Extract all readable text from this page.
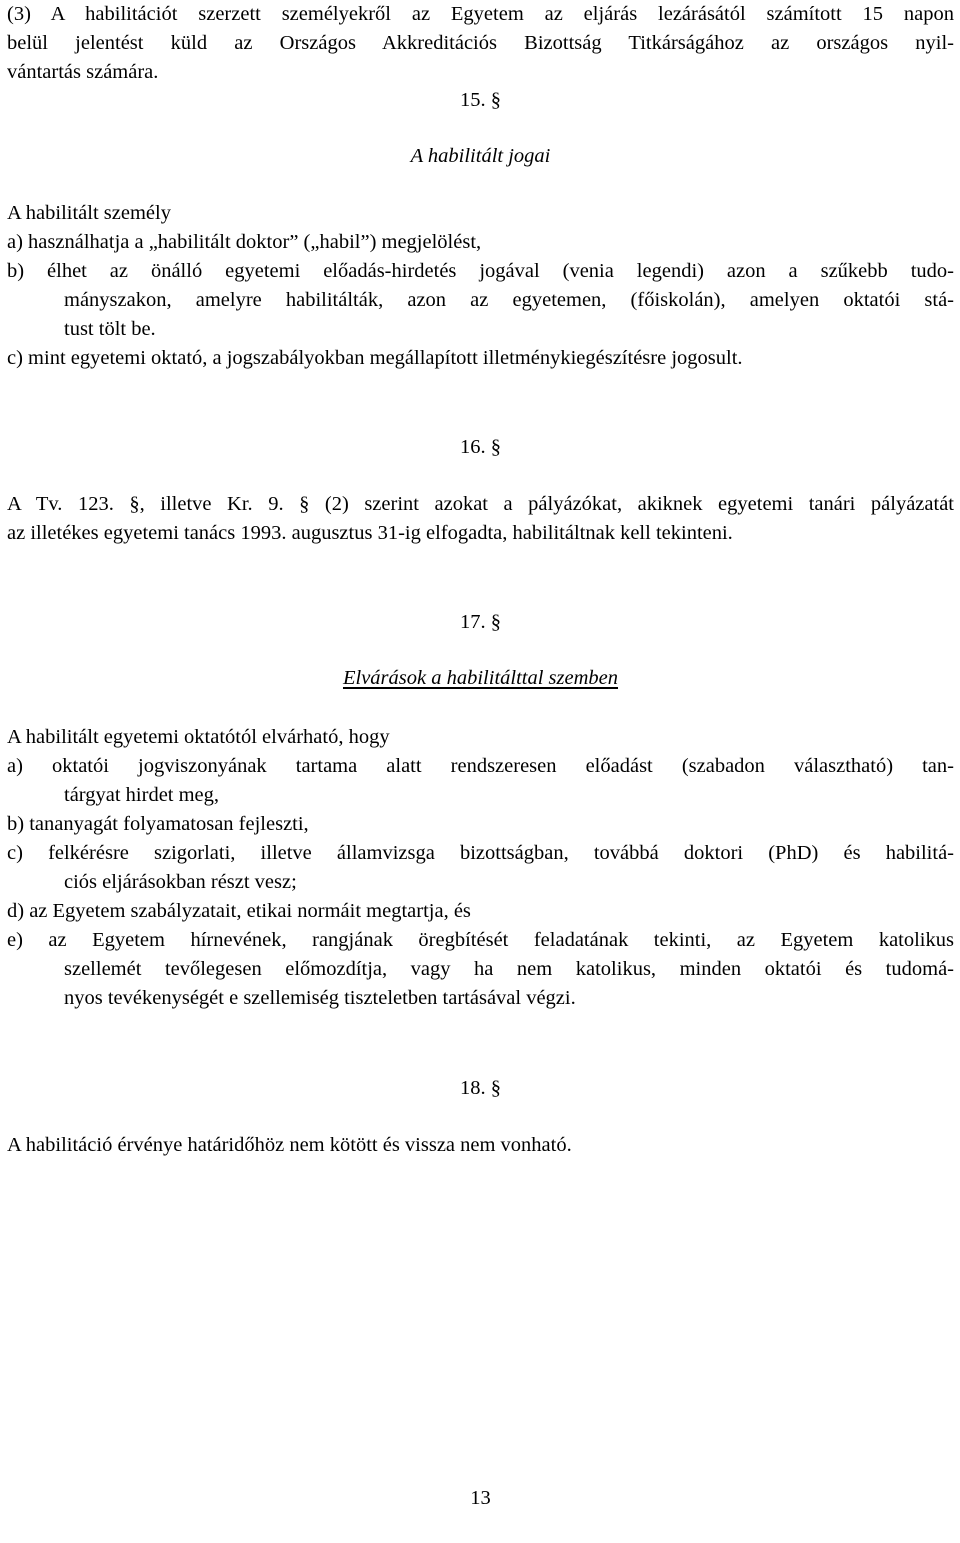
(3) A habilitációt szerzett személyekről az Egyetem az eljárás lezárásától számított 15 napon
belül jelentést küld az Országos Akkreditációs Bizottság Titkárságához az országos nyil-
vántartás számára.
15. §
A habilitált jogai
A habilitált személy
a) használhatja a „habilitált doktor” („habil”) megjelölést,
b) élhet az önálló egyetemi előadás-hirdetés jogával (venia legendi) azon a szűkebb tudo-
mányszakon, amelyre habilitálták, azon az egyetemen, (főiskolán), amelyen oktatói stá-
tust tölt be.
c) mint egyetemi oktató, a jogszabályokban megállapított illetménykiegészítésre jogosult.
16. §
A Tv. 123. §, illetve Kr. 9. § (2) szerint azokat a pályázókat, akiknek egyetemi tanári pályázatát
az illetékes egyetemi tanács 1993. augusztus 31-ig elfogadta, habilitáltnak kell tekinteni.
17. §
Elvárások a habilitálttal szemben
A habilitált egyetemi oktatótól elvárható, hogy
a) oktatói jogviszonyának tartama alatt rendszeresen előadást (szabadon választható) tan-
tárgyat hirdet meg,
b) tananyagát folyamatosan fejleszti,
c) felkérésre szigorlati, illetve államvizsga bizottságban, továbbá doktori (PhD) és habilitá-
ciós eljárásokban részt vesz;
d) az Egyetem szabályzatait, etikai normáit megtartja, és
e) az Egyetem hírnevének, rangjának öregbítését feladatának tekinti, az Egyetem katolikus
szellemét tevőlegesen előmozdítja, vagy ha nem katolikus, minden oktatói és tudomá-
nyos tevékenységét e szellemiség tiszteletben tartásával végzi.
18. §
A habilitáció érvénye határidőhöz nem kötött és vissza nem vonható.
13
